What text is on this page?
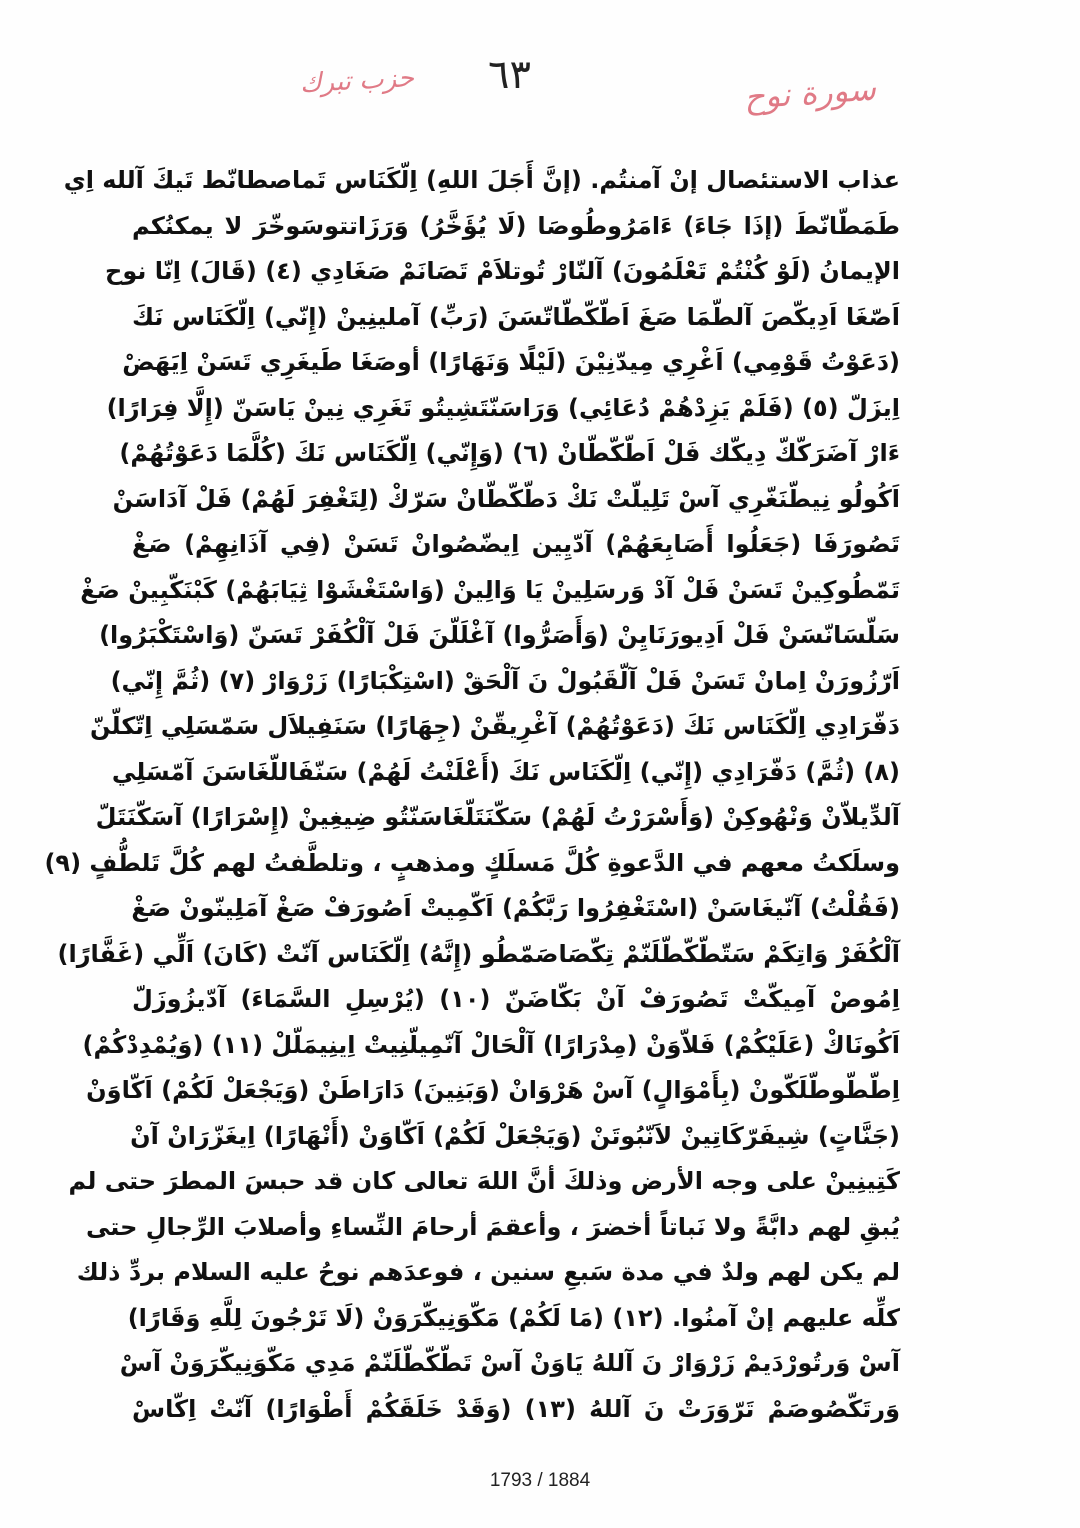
حزب تبرك ٦٣	سورة نوح
عذاب الاستئصال إنْ آمنتُم. (إنَّ أَجَلَ اللهِ) اِلّكَنَاس تَماصطانّط تَيكَ آلله اِي
طَمَطّانّطَ (إذَا جَاءَ) ءَامَرُوطُوصَا (لَا يُؤَخَّرُ) وَرَزَاتتوسَوخّرَ لا يمكنُكم
الإيمانُ (لَوْ كُنْتُمْ تَعْلَمُونَ) آلنّارْ تُوتلاَمْ تَصَانَمْ صَغَادِي (٤) (قَالَ) اِنّا نوح
اَصّغَا اَدِيكّصَ آلطّمَا صَغَ اَطّكّطّاتّسَنَ (رَبِّ) آملينِينْ (إِنّي) اِلّكَنَاس نَكَ
(دَعَوْتُ قَوْمِي) اَغْرِي مِيدّنِيْنَ (لَيْلًا وَنَهَارًا) أوصَغَا طَيغَرِي تَسَنْ اِيَهَضْ
اِيزَلّ (٥) (فَلَمْ يَزِدْهُمْ دُعَائِي) وَرَاسَنّتَشِيتُو تَغَرِي نِينْ يَاسَنّ (إِلَّا فِرَارًا)
ءَارْ آضَرَكّكّ دِيكّك فَلْ اَطّكّطّانْ (٦) (وَإِنّي) اِلّكَنَاس نَكَ (كُلَّمَا دَعَوْتُهُمْ)
اَكُولُو نِيطّنَغّرِي آسْ تَلِيلّتْ نَكْ دَطّكّطّانْ سَرّكْ (لِتَغْفِرَ لَهُمْ) فَلْ آدَاسَنْ
تَصُورَفَا (جَعَلُوا أَصَابِعَهُمْ) آدّيِين اِيضّصُوانْ تَسَنْ (فِي آذَانِهِمْ) صَغْ
تَمّطُوكِينْ تَسَنْ فَلْ آدْ وَرسَلِينْ يَا وَالِينْ (وَاسْتَغْشَوْا ثِيَابَهُمْ) كَبْنَكّبِينْ صَغْ
سَلّسَانّسَنْ فَلْ اَدِيورَنَايِنْ (وَأَصَرُّوا) آغْلَلّنَ فَلْ آلْكُفَرْ تَسَنّ (وَاسْتَكْبَرُوا)
اَرّزُورَنْ اِمانْ تَسَنْ فَلْ آلّقَبُولْ نَ آلْحَقْ (اسْتِكْبَارًا) زَرْوَارْ (٧) (ثُمَّ إِنّي)
دَفّرَادِي اِلّكَنَاس نَكَ (دَعَوْتُهُمْ) آغْرِيقّنْ (جِهَارًا) سَنَفِيلاَل سَمّسَلِي اِتّكلّنّ
(٨) (ثُمَّ) دَفّرَادِي (إِنّي) اِلّكَنَاس نَكَ (أَعْلَنْتُ لَهُمْ) سَنّفَاللّغَاسَنَ آمّسَلِي
آلدِّيلاّنْ وَنْهُوكِنْ (وَأَسْرَرْتُ لَهُمْ) سَكّنَتَلّغَاسَنّتُو ضِيغِينْ (إِسْرَارًا) آسَكّنَتَلّ
وسلَكتُ معهم في الدَّعوةِ كُلَّ مَسلَكٍ ومذهبٍ ، وتلطَّفتُ لهم كُلَّ تَلطُّفٍ (٩)
(فَقُلْتُ) آنّيغَاسَنْ (اسْتَغْفِرُوا رَبَّكُمْ) اَكّمِيتْ اَصُورَفْ صَغْ آمَلِينّونْ صَغْ
آلْكُفَرْ وَاتِكَمْ سَتّطّكّطّلَنّمْ تِكّصَاصَمّطُو (إِنَّهُ) اِلّكَنَاس آنّتْ (كَانَ) اَلِّي (غَفَّارًا)
اِمُوصْ آمِيكّتْ تَصُورَفْ آنْ بَكّاضَنّ (١٠) (يُرْسِلِ السَّمَاءَ) آدّيزُوزَلّ
اَكُونَاكْ (عَلَيْكُمْ) فَلاّوَنْ (مِدْرَارًا) آلْحَالْ آنّمِيلّنِيتْ اِينِيمَلّلْ (١١) (وَيُمْدِدْكُمْ)
اِطّطّوطّلَكّونْ (بِأَمْوَالٍ) آسْ هَرْوَانْ (وَبَنِينَ) دَارَاطَنْ (وَيَجْعَلْ لَكُمْ) اَكّاوَنْ
(جَنَّاتٍ) شِيفَرّكَاتِينْ لاَنّبُوتَنْ (وَيَجْعَلْ لَكُمْ) اَكّاوَنْ (أَنْهَارًا) اِيغَزّرَانْ آنْ
كَتِينِينْ على وجه الأرض وذلكَ أنَّ اللهَ تعالى كان قد حبسَ المطرَ حتى لم
يُبقِ لهم دابَّةً ولا نَباتاً أخضرَ ، وأعقمَ أرحامَ النِّساءِ وأصلابَ الرِّجالِ حتى
لم يكن لهم ولدٌ في مدة سَبعِ سنين ، فوعدَهم نوحُ عليه السلام بردِّ ذلك
كلِّه عليهم إنْ آمنُوا. (١٢) (مَا لَكُمْ) مَكّوَنِيكّرَوَنْ (لَا تَرْجُونَ لِلَّهِ وَقَارًا)
آسْ وَرتُورْدَيمْ زَرْوَارْ نَ آللهُ يَاوَنْ آسْ تَطّكّطّلَنّمْ مَدِي مَكّوَنِيكّرَوَنْ آسْ
وَرتَكّصُوصَمْ تَرّوَرَتْ نَ آللهُ (١٣) (وَقَدْ خَلَقَكُمْ أَطْوَارًا) آنّتْ اِكّاسْ
1793 / 1884
